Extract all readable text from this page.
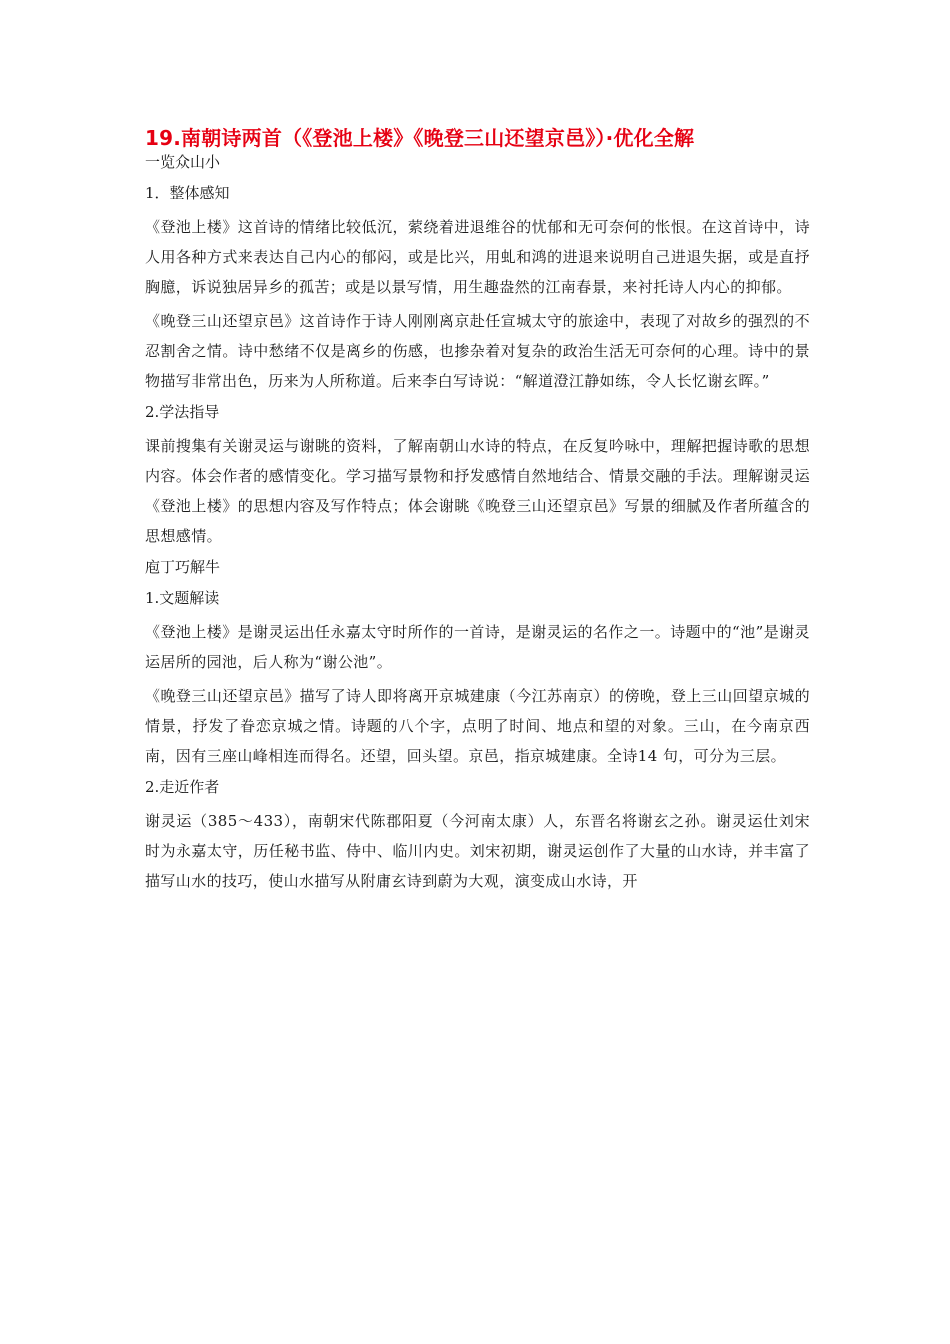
19.南朝诗两首（《登池上楼》《晚登三山还望京邑》）·优化全解

一览众山小

1．整体感知

《登池上楼》这首诗的情绪比较低沉，萦绕着进退维谷的忧郁和无可奈何的怅恨。在这首诗中，诗人用各种方式来表达自己内心的郁闷，或是比兴，用虬和鸿的进退来说明自己进退失据，或是直抒胸臆，诉说独居异乡的孤苦；或是以景写情，用生趣盎然的江南春景，来衬托诗人内心的抑郁。

《晚登三山还望京邑》这首诗作于诗人刚刚离京赴任宣城太守的旅途中，表现了对故乡的强烈的不忍割舍之情。诗中愁绪不仅是离乡的伤感，也掺杂着对复杂的政治生活无可奈何的心理。诗中的景物描写非常出色，历来为人所称道。后来李白写诗说：“解道澄江静如练，令人长忆谢玄晖。”

2.学法指导

课前搜集有关谢灵运与谢眺的资料，了解南朝山水诗的特点，在反复吟咏中，理解把握诗歌的思想内容。体会作者的感情变化。学习描写景物和抒发感情自然地结合、情景交融的手法。理解谢灵运《登池上楼》的思想内容及写作特点；体会谢眺《晚登三山还望京邑》写景的细腻及作者所蕴含的思想感情。

庖丁巧解牛

1.文题解读

《登池上楼》是谢灵运出任永嘉太守时所作的一首诗，是谢灵运的名作之一。诗题中的“池”是谢灵运居所的园池，后人称为“谢公池”。

《晚登三山还望京邑》描写了诗人即将离开京城建康（今江苏南京）的傍晚，登上三山回望京城的情景，抒发了眷恋京城之情。诗题的八个字，点明了时间、地点和望的对象。三山，在今南京西南，因有三座山峰相连而得名。还望，回头望。京邑，指京城建康。全诗14 句，可分为三层。

2.走近作者

谢灵运（385～433），南朝宋代陈郡阳夏（今河南太康）人，东晋名将谢玄之孙。谢灵运仕刘宋时为永嘉太守，历任秘书监、侍中、临川内史。刘宋初期，谢灵运创作了大量的山水诗，并丰富了描写山水的技巧，使山水描写从附庸玄诗到蔚为大观，演变成山水诗，开
